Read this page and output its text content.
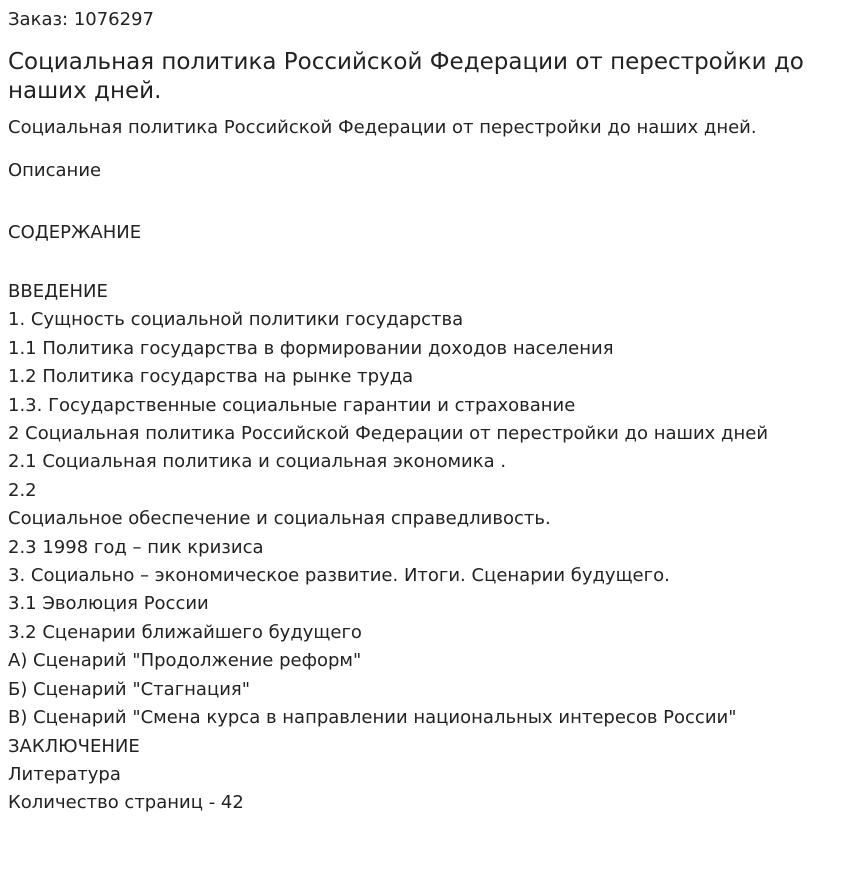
Заказ: 1076297

Социальная политика Российской Федерации от перестройки до наших дней.

Социальная политика Российской Федерации от перестройки до наших дней.

Описание

СОДЕРЖАНИЕ

ВВЕДЕНИЕ
1. Сущность социальной политики государства
1.1 Политика государства в формировании доходов населения
1.2 Политика государства на рынке труда
1.3. Государственные социальные гарантии и страхование
2 Социальная политика Российской Федерации от перестройки до наших дней
2.1 Социальная политика и социальная экономика .
2.2
Социальное обеспечение и социальная справедливость.
2.3 1998 год – пик кризиса
3. Социально – экономическое развитие. Итоги. Сценарии будущего.
3.1 Эволюция России
3.2 Сценарии ближайшего будущего
А) Сценарий "Продолжение реформ"
Б) Сценарий "Стагнация"
В) Сценарий "Смена курса в направлении национальных интересов России"
ЗАКЛЮЧЕНИЕ
Литература
Количество страниц - 42
